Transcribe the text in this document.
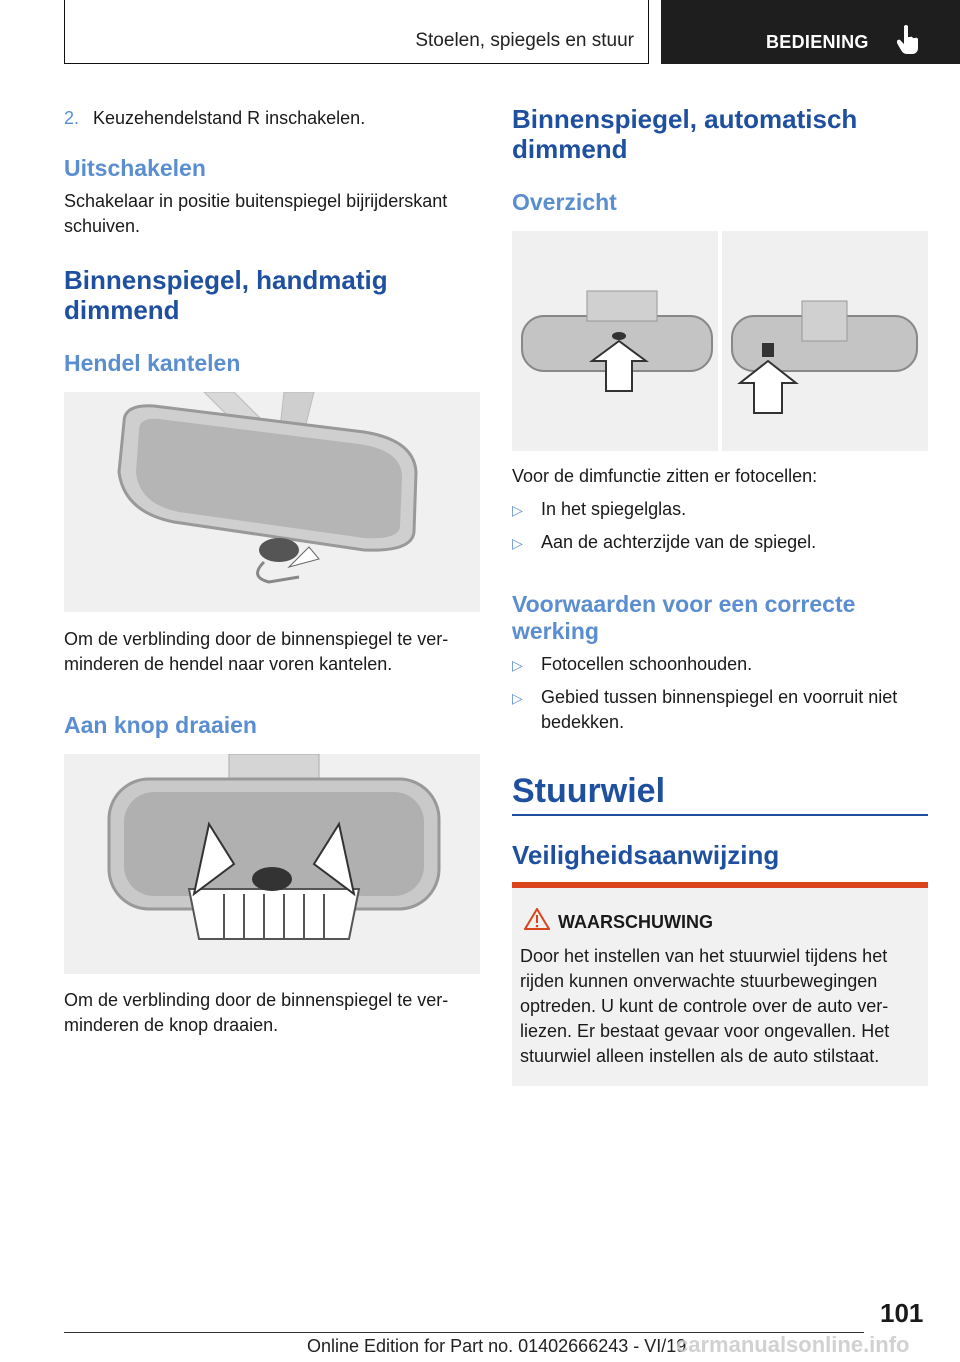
Stoelen, spiegels en stuur	BEDIENING
2. Keuzehendelstand R inschakelen.
Uitschakelen
Schakelaar in positie buitenspiegel bijrijderskant schuiven.
Binnenspiegel, handmatig
dimmend
Hendel kantelen
Om de verblinding door de binnenspiegel te ver‐
minderen de hendel naar voren kantelen.
Aan knop draaien
Om de verblinding door de binnenspiegel te ver‐
minderen de knop draaien.
Binnenspiegel, automatisch
dimmend
Overzicht
Voor de dimfunctie zitten er fotocellen:
▷	In het spiegelglas.
▷	Aan de achterzijde van de spiegel.
Voorwaarden voor een correcte
werking
▷	Fotocellen schoonhouden.
▷	Gebied tussen binnenspiegel en voorruit niet
bedekken.
Stuurwiel
Veiligheidsaanwijzing
WAARSCHUWING
Door het instellen van het stuurwiel tijdens het
rijden kunnen onverwachte stuurbewegingen
optreden. U kunt de controle over de auto ver‐
liezen. Er bestaat gevaar voor ongevallen. Het
stuurwiel alleen instellen als de auto stilstaat.
101
Online Edition for Part no. 01402666243 - VI/19
carmanualsonline.info
